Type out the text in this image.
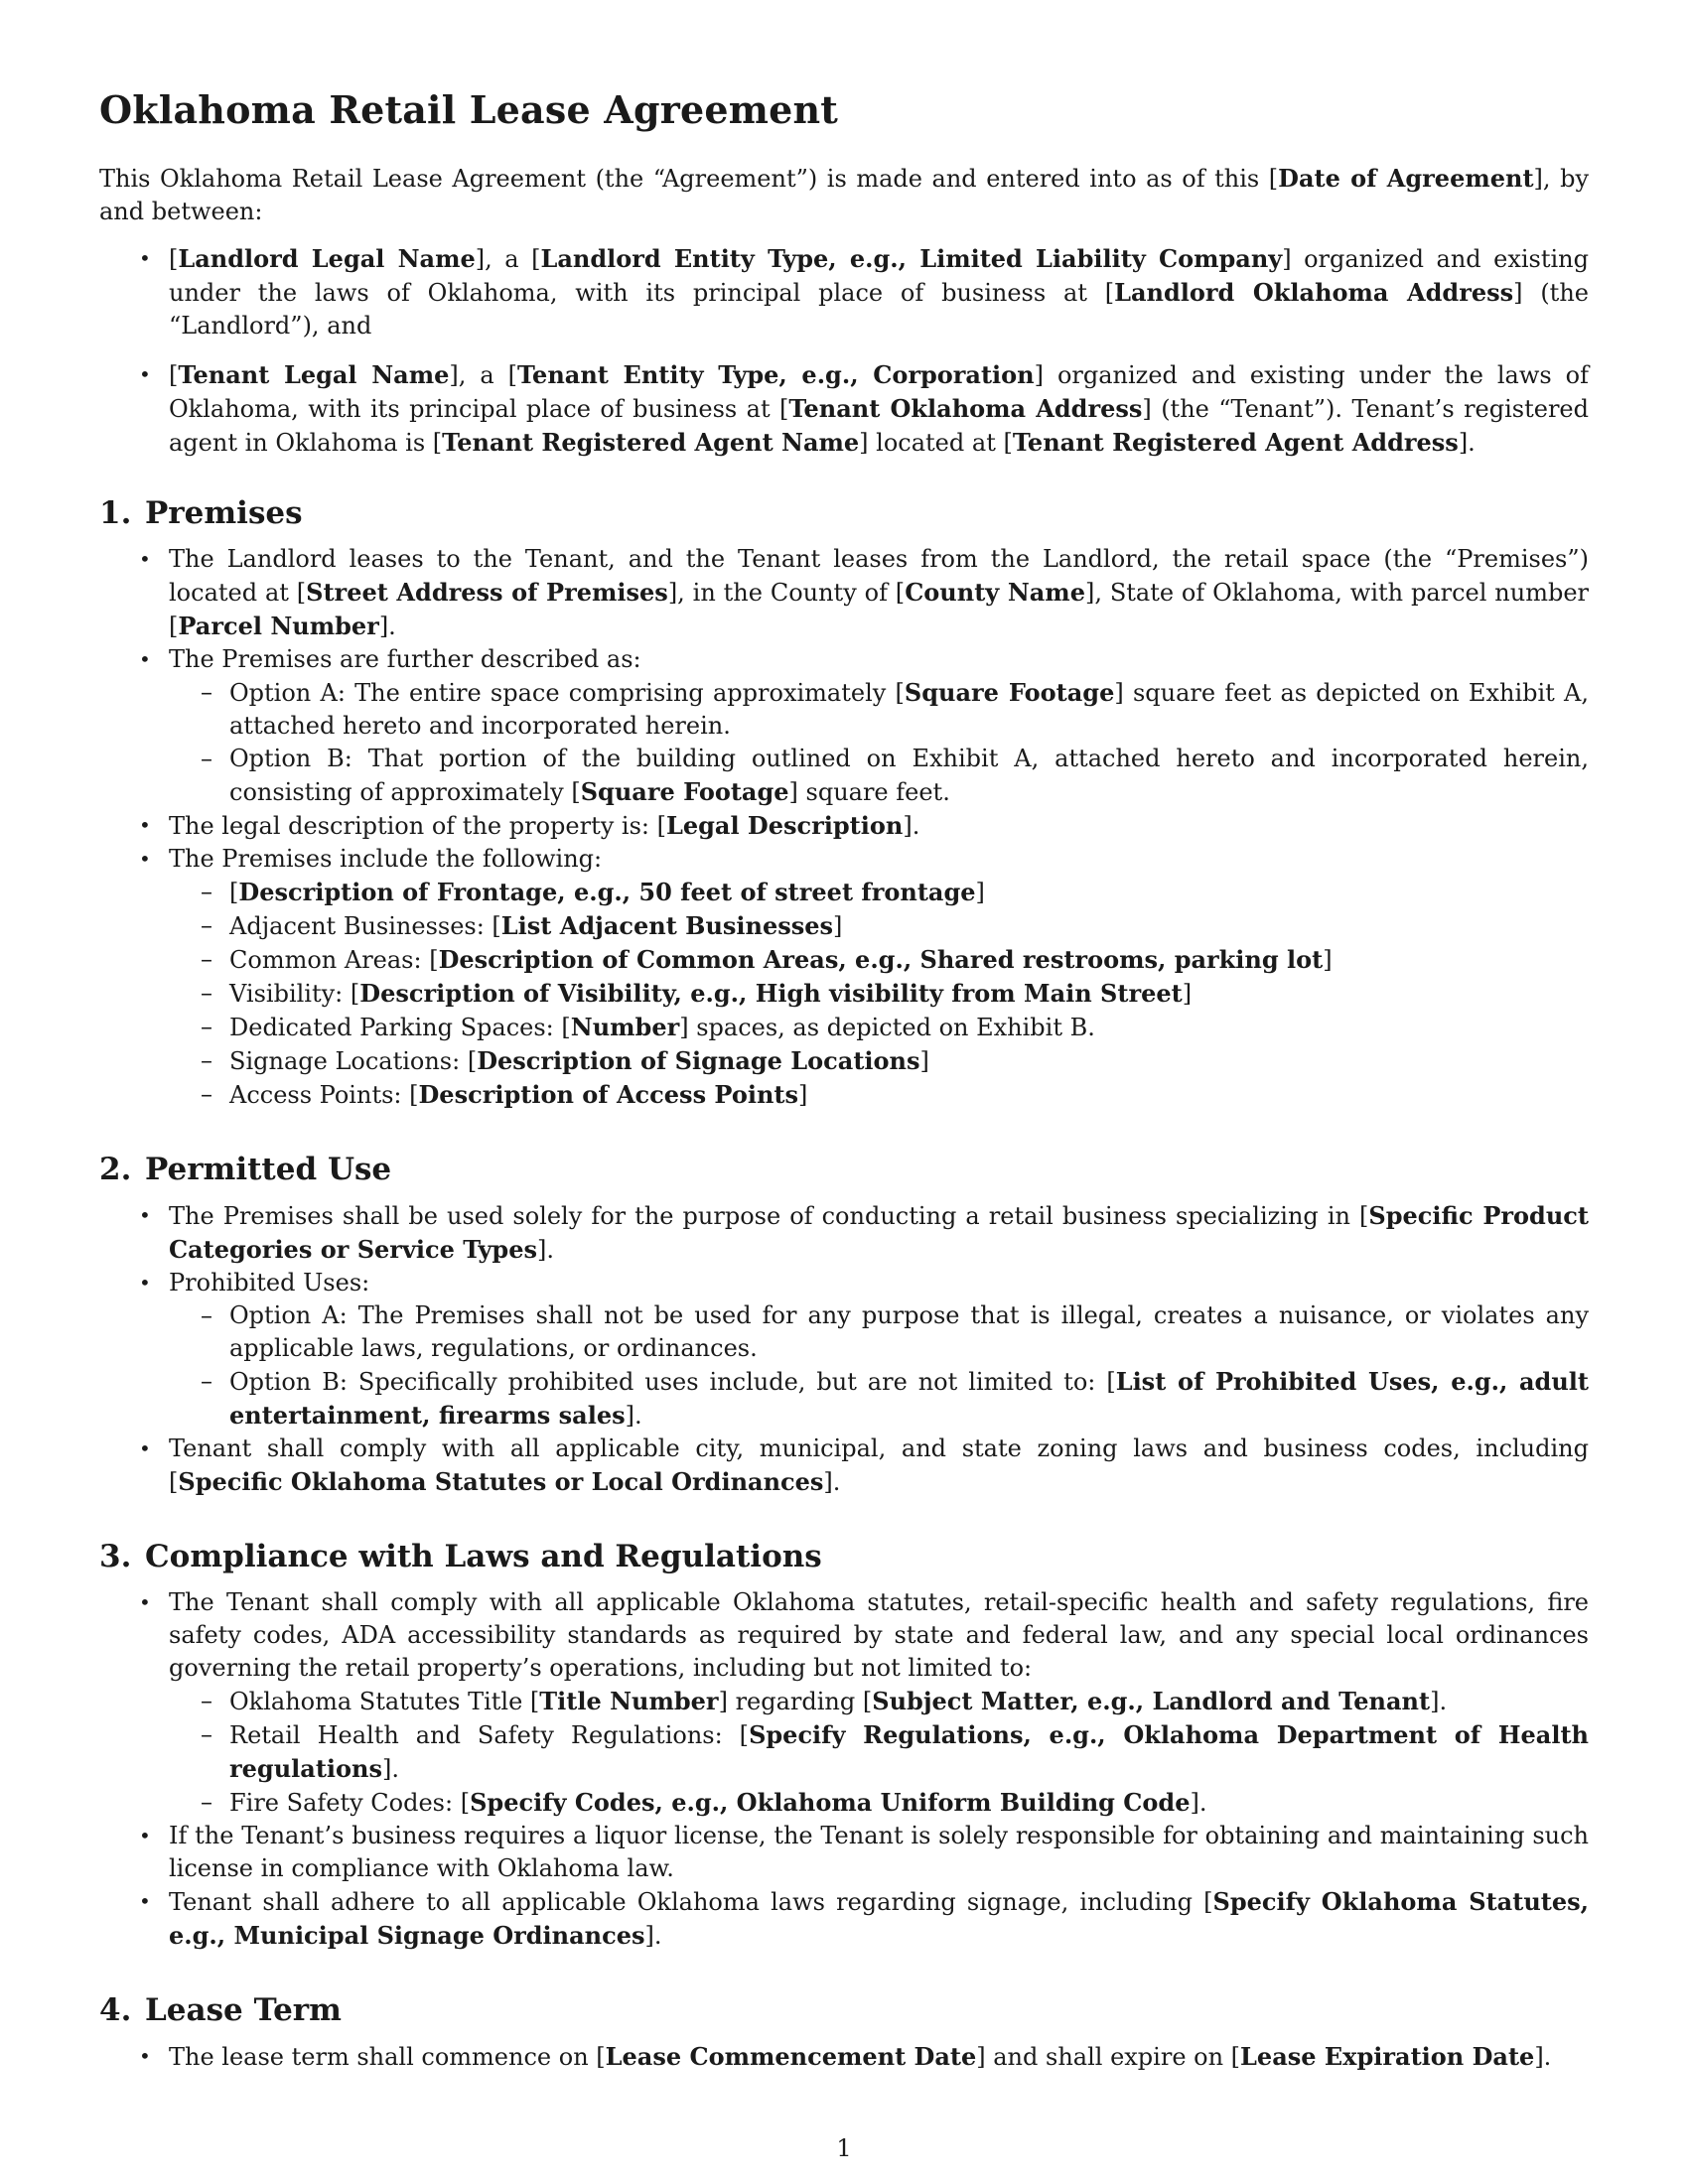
Oklahoma Retail Lease Agreement

This Oklahoma Retail Lease Agreement (the “Agreement”) is made and entered into as of this [Date of Agreement], by and between:

• [Landlord Legal Name], a [Landlord Entity Type, e.g., Limited Liability Company] organized and existing under the laws of Oklahoma, with its principal place of business at [Landlord Oklahoma Address] (the “Landlord”), and
• [Tenant Legal Name], a [Tenant Entity Type, e.g., Corporation] organized and existing under the laws of Oklahoma, with its principal place of business at [Tenant Oklahoma Address] (the “Tenant”). Tenant’s registered agent in Oklahoma is [Tenant Registered Agent Name] located at [Tenant Registered Agent Address].
1. Premises
• The Landlord leases to the Tenant, and the Tenant leases from the Landlord, the retail space (the “Premises”) located at [Street Address of Premises], in the County of [County Name], State of Oklahoma, with parcel number [Parcel Number].
• The Premises are further described as:
– Option A: The entire space comprising approximately [Square Footage] square feet as depicted on Exhibit A, attached hereto and incorporated herein.
– Option B: That portion of the building outlined on Exhibit A, attached hereto and incorporated herein, consisting of approximately [Square Footage] square feet.
• The legal description of the property is: [Legal Description].
• The Premises include the following:
– [Description of Frontage, e.g., 50 feet of street frontage]
– Adjacent Businesses: [List Adjacent Businesses]
– Common Areas: [Description of Common Areas, e.g., Shared restrooms, parking lot]
– Visibility: [Description of Visibility, e.g., High visibility from Main Street]
– Dedicated Parking Spaces: [Number] spaces, as depicted on Exhibit B.
– Signage Locations: [Description of Signage Locations]
– Access Points: [Description of Access Points]
2. Permitted Use
• The Premises shall be used solely for the purpose of conducting a retail business specializing in [Specific Product Categories or Service Types].
• Prohibited Uses:
– Option A: The Premises shall not be used for any purpose that is illegal, creates a nuisance, or violates any applicable laws, regulations, or ordinances.
– Option B: Specifically prohibited uses include, but are not limited to: [List of Prohibited Uses, e.g., adult entertainment, firearms sales].
• Tenant shall comply with all applicable city, municipal, and state zoning laws and business codes, including [Specific Oklahoma Statutes or Local Ordinances].
3. Compliance with Laws and Regulations
• The Tenant shall comply with all applicable Oklahoma statutes, retail-specific health and safety regulations, fire safety codes, ADA accessibility standards as required by state and federal law, and any special local ordinances governing the retail property’s operations, including but not limited to:
– Oklahoma Statutes Title [Title Number] regarding [Subject Matter, e.g., Landlord and Tenant].
– Retail Health and Safety Regulations: [Specify Regulations, e.g., Oklahoma Department of Health regulations].
– Fire Safety Codes: [Specify Codes, e.g., Oklahoma Uniform Building Code].
• If the Tenant’s business requires a liquor license, the Tenant is solely responsible for obtaining and maintaining such license in compliance with Oklahoma law.
• Tenant shall adhere to all applicable Oklahoma laws regarding signage, including [Specify Oklahoma Statutes, e.g., Municipal Signage Ordinances].
4. Lease Term
• The lease term shall commence on [Lease Commencement Date] and shall expire on [Lease Expiration Date].
1
